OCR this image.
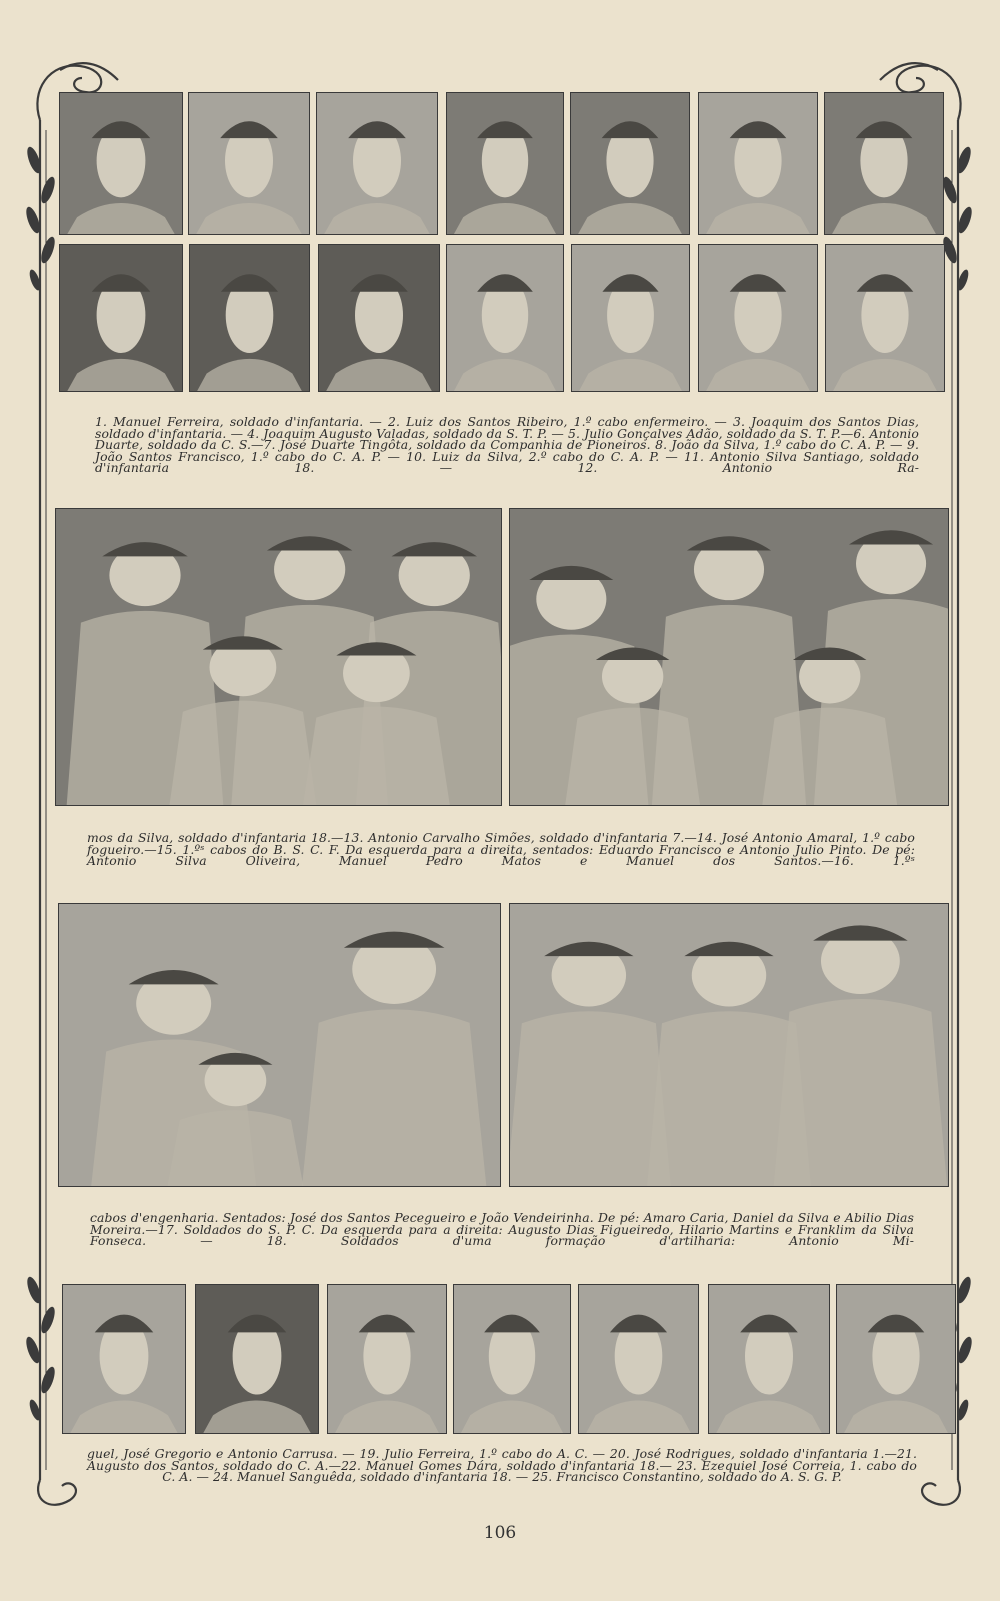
1. Manuel Ferreira, soldado d'infantaria. — 2. Luiz dos Santos Ribeiro, 1.º cabo enfermeiro. — 3. Joaquim dos Santos Dias, soldado d'infantaria. — 4. Joaquim Augusto Valadas, soldado da S. T. P. — 5. Julio Gonçalves Adão, soldado da S. T. P.—6. Antonio Duarte, soldado da C. S.—7. José Duarte Tingôta, soldado da Companhia de Pioneiros. 8. João da Silva, 1.º cabo do C. A. P. — 9. João Santos Francisco, 1.º cabo do C. A. P. — 10. Luiz da Silva, 2.º cabo do C. A. P. — 11. Antonio Silva Santiago, soldado d'infantaria 18. — 12. Antonio Ra-
mos da Silva, soldado d'infantaria 18.—13. Antonio Carvalho Simões, soldado d'infantaria 7.—14. José Antonio Amaral, 1.º cabo fogueiro.—15. 1.ºˢ cabos do B. S. C. F. Da esquerda para a direita, sentados: Eduardo Francisco e Antonio Julio Pinto. De pé: Antonio Silva Oliveira, Manuel Pedro Matos e Manuel dos Santos.—16. 1.ºˢ
cabos d'engenharia. Sentados: José dos Santos Pecegueiro e João Vendeirinha. De pé: Amaro Caria, Daniel da Silva e Abilio Dias Moreira.—17. Soldados do S. P. C. Da esquerda para a direita: Augusto Dias Figueiredo, Hilario Martins e Franklim da Silva Fonseca. — 18. Soldados d'uma formação d'artilharia: Antonio Mi-
guel, José Gregorio e Antonio Carrusa. — 19. Julio Ferreira, 1.º cabo do A. C. — 20. José Rodrigues, soldado d'infantaria 1.—21. Augusto dos Santos, soldado do C. A.—22. Manuel Gomes Dára, soldado d'infantaria 18.— 23. Ezequiel José Correia, 1. cabo do C. A. — 24. Manuel Sanguêda, soldado d'infantaria 18. — 25. Francisco Constantino, soldado do A. S. G. P.
106
